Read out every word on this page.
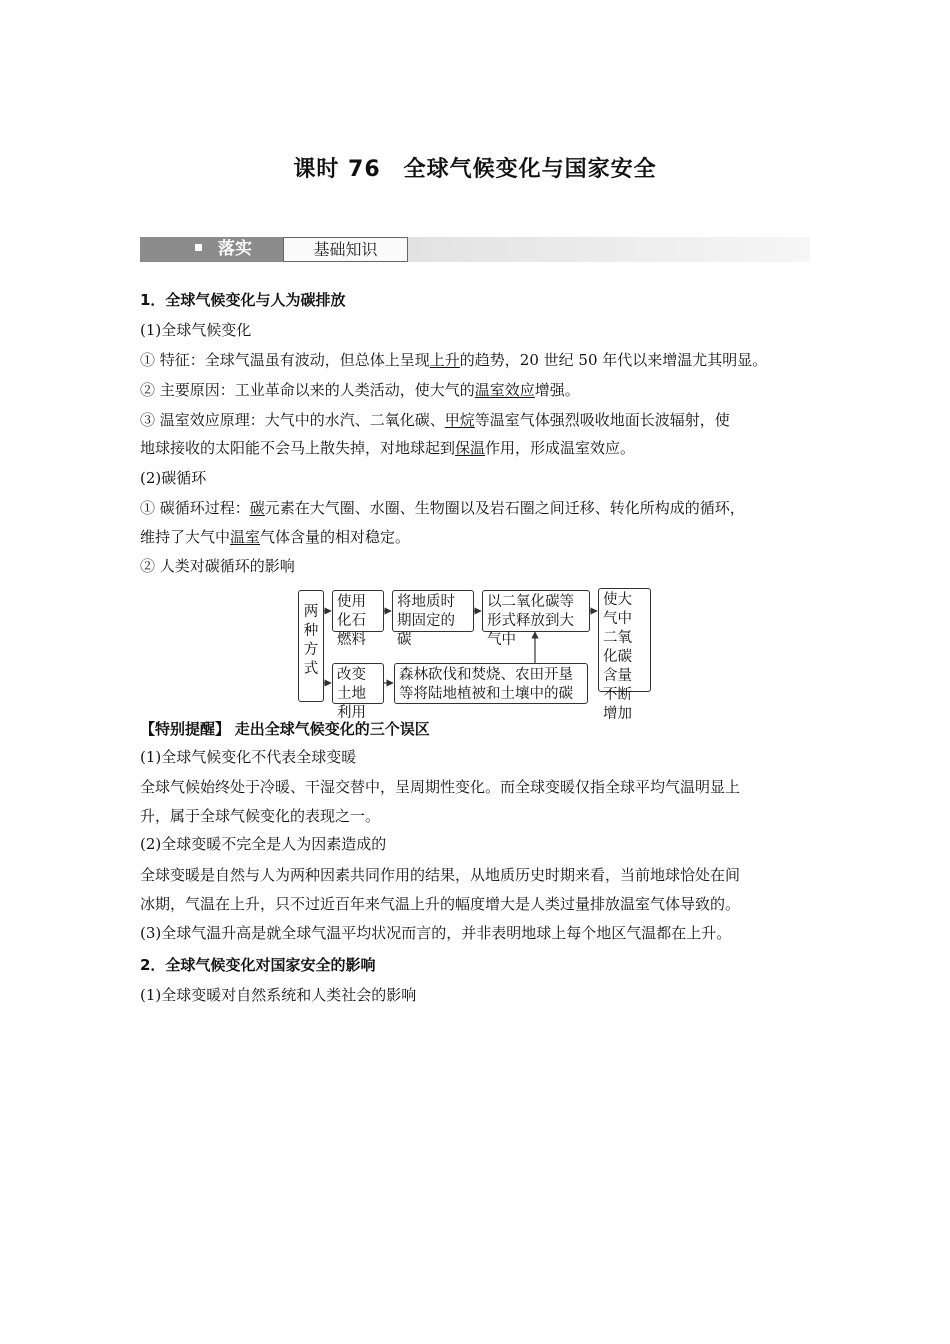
课时 76　全球气候变化与国家安全
落实	基础知识
1．全球气候变化与人为碳排放
(1)全球气候变化
① 特征：全球气温虽有波动，但总体上呈现上升的趋势，20 世纪 50 年代以来增温尤其明显。
② 主要原因：工业革命以来的人类活动，使大气的温室效应增强。
③ 温室效应原理：大气中的水汽、二氧化碳、甲烷等温室气体强烈吸收地面长波辐射，使
地球接收的太阳能不会马上散失掉，对地球起到保温作用，形成温室效应。
(2)碳循环
① 碳循环过程：碳元素在大气圈、水圈、生物圈以及岩石圈之间迁移、转化所构成的循环，
维持了大气中温室气体含量的相对稳定。
② 人类对碳循环的影响
两种方式
使用化石燃料
将地质时期固定的碳
以二氧化碳等形式释放到大气中
使大气中二氧化碳含量不断增加
改变土地利用
森林砍伐和焚烧、农田开垦等将陆地植被和土壤中的碳
【特别提醒】 走出全球气候变化的三个误区
(1)全球气候变化不代表全球变暖
全球气候始终处于冷暖、干湿交替中，呈周期性变化。而全球变暖仅指全球平均气温明显上
升，属于全球气候变化的表现之一。
(2)全球变暖不完全是人为因素造成的
全球变暖是自然与人为两种因素共同作用的结果，从地质历史时期来看，当前地球恰处在间
冰期，气温在上升，只不过近百年来气温上升的幅度增大是人类过量排放温室气体导致的。
(3)全球气温升高是就全球气温平均状况而言的，并非表明地球上每个地区气温都在上升。
2．全球气候变化对国家安全的影响
(1)全球变暖对自然系统和人类社会的影响
